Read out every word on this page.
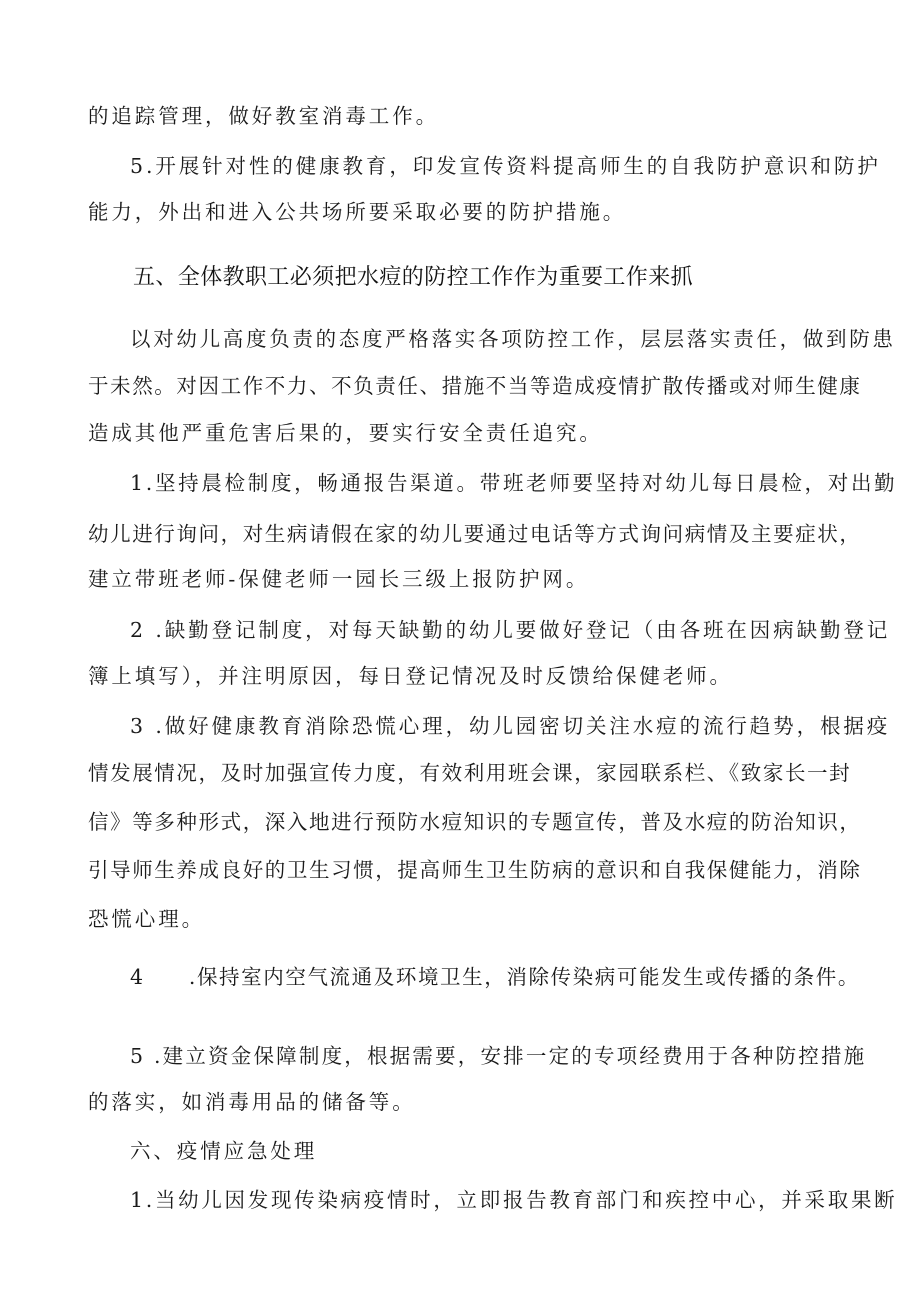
的追踪管理，做好教室消毒工作。
5.开展针对性的健康教育，印发宣传资料提高师生的自我防护意识和防护
能力，外出和进入公共场所要采取必要的防护措施。
五、全体教职工必须把水痘的防控工作作为重要工作来抓
以对幼儿高度负责的态度严格落实各项防控工作，层层落实责任，做到防患
于未然。对因工作不力、不负责任、措施不当等造成疫情扩散传播或对师生健康
造成其他严重危害后果的，要实行安全责任追究。
1.坚持晨检制度，畅通报告渠道。带班老师要坚持对幼儿每日晨检，对出勤
幼儿进行询问，对生病请假在家的幼儿要通过电话等方式询问病情及主要症状，
建立带班老师-保健老师一园长三级上报防护网。
2 .缺勤登记制度，对每天缺勤的幼儿要做好登记（由各班在因病缺勤登记
簿上填写），并注明原因，每日登记情况及时反馈给保健老师。
3 .做好健康教育消除恐慌心理，幼儿园密切关注水痘的流行趋势，根据疫
情发展情况，及时加强宣传力度，有效利用班会课，家园联系栏、《致家长一封
信》等多种形式，深入地进行预防水痘知识的专题宣传，普及水痘的防治知识，
引导师生养成良好的卫生习惯，提高师生卫生防病的意识和自我保健能力，消除
恐慌心理。
4　　.保持室内空气流通及环境卫生，消除传染病可能发生或传播的条件。
5 .建立资金保障制度，根据需要，安排一定的专项经费用于各种防控措施
的落实，如消毒用品的储备等。
六、疫情应急处理
1.当幼儿因发现传染病疫情时，立即报告教育部门和疾控中心，并采取果断
